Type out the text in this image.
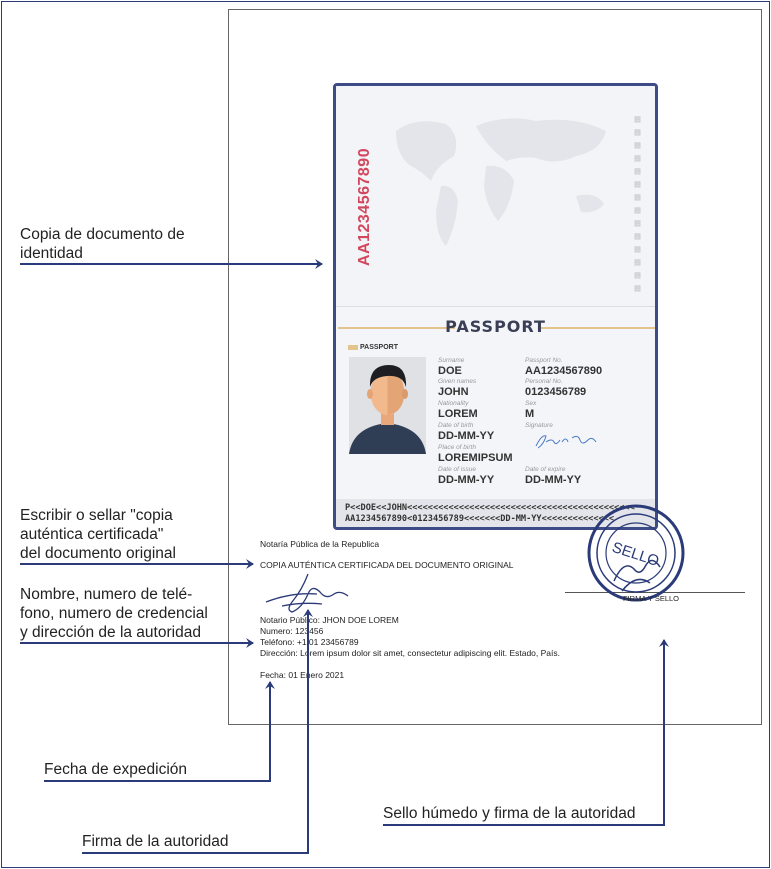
Copia de documento de
identidad
Escribir o sellar "copia
auténtica certificada"
del documento original
Nombre, numero de telé-
fono, numero de credencial
y dirección de la autoridad
Fecha de expedición
Firma de la autoridad
Sello húmedo y firma de la autoridad
AA1234567890	▦▦▦▦▦▦▦▦▦▦▦▦▦▦
PASSPORT
PASSPORT
Surname
DOE
Given names
JOHN
Nationality
LOREM
Date of birth
DD-MM-YY
Place of birth
LOREMIPSUM
Date of issue
DD-MM-YY
Passport No.
AA1234567890
Personal No.
0123456789
Sex
M
Signature
Date of expire
DD-MM-YY
P<<DOE<<JOHN<<<<<<<<<<<<<<<<<<<<<<<<<<<<<<<<<<<<<<<<<<<<
AA1234567890<0123456789<<<<<<<DD-MM-YY<<<<<<<<<<<<<<
Notaría Pública de la Republica
COPIA AUTÉNTICA CERTIFICADA DEL DOCUMENTO ORIGINAL
Notario Público: JHON DOE LOREM
Numero: 123456
Teléfono: +1 01 23456789
Dirección: Lorem ipsum dolor sit amet, consectetur adipiscing elit. Estado, País.
Fecha: 01 Enero 2021
SELLO
FIRMA Y SELLO
